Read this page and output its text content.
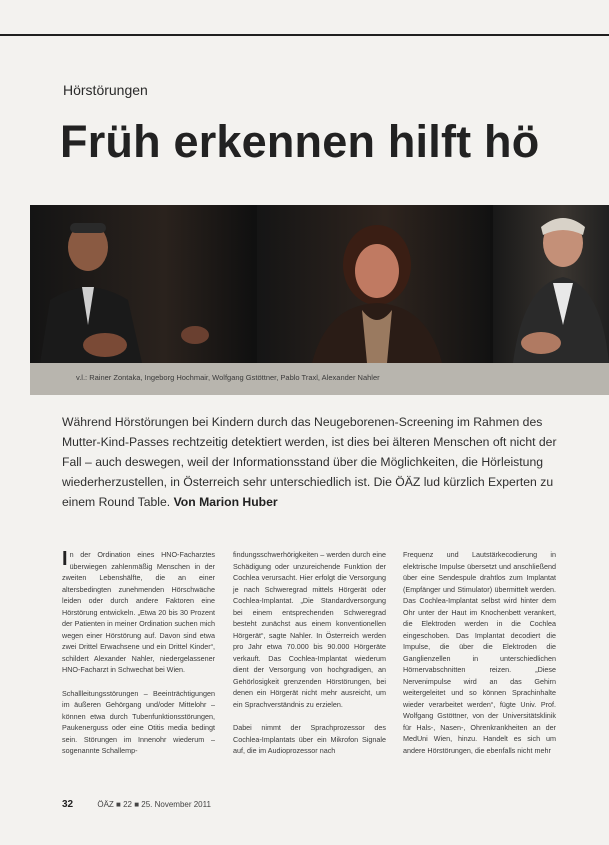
Hörstörungen
Früh erkennen hilft hö
v.l.: Rainer Zontaka, Ingeborg Hochmair, Wolfgang Gstöttner, Pablo Traxl, Alexander Nahler
Während Hörstörungen bei Kindern durch das Neugeborenen-Screening im Rahmen des Mutter-Kind-Passes rechtzeitig detektiert werden, ist dies bei älteren Menschen oft nicht der Fall – auch deswegen, weil der Informationsstand über die Möglichkeiten, die Hörleistung wiederherzustellen, in Österreich sehr unterschiedlich ist. Die ÖÄZ lud kürzlich Experten zu einem Round Table. Von Marion Huber

In der Ordination eines HNO-Facharztes überwiegen zahlenmäßig Menschen in der zweiten Lebenshälfte, die an einer altersbedingten zunehmenden Hörschwäche leiden oder durch andere Faktoren eine Hörstörung entwickeln. „Etwa 20 bis 30 Prozent der Patienten in meiner Ordination suchen mich wegen einer Hörstörung auf. Davon sind etwa zwei Drittel Erwachsene und ein Drittel Kinder“, schildert Alexander Nahler, niedergelassener HNO-Facharzt in Schwechat bei Wien.

Schallleitungsstörungen – Beeinträchtigungen im äußeren Gehörgang und/oder Mittelohr – können etwa durch Tubenfunktionsstörungen, Paukenerguss oder eine Otitis media bedingt sein. Störungen im Innenohr wiederum – sogenannte Schallemp-

findungsschwerhörigkeiten – werden durch eine Schädigung oder unzureichende Funktion der Cochlea verursacht. Hier erfolgt die Versorgung je nach Schweregrad mittels Hörgerät oder Cochlea-Implantat. „Die Standardversorgung bei einem entsprechenden Schweregrad besteht zunächst aus einem konventionellen Hörgerät“, sagte Nahler. In Österreich werden pro Jahr etwa 70.000 bis 90.000 Hörgeräte verkauft. Das Cochlea-Implantat wiederum dient der Versorgung von hochgradigen, an Gehörlosigkeit grenzenden Hörstörungen, bei denen ein Hörgerät nicht mehr ausreicht, um ein Sprachverständnis zu erzielen.

Dabei nimmt der Sprachprozessor des Cochlea-Implantats über ein Mikrofon Signale auf, die im Audioprozessor nach

Frequenz und Lautstärkecodierung in elektrische Impulse übersetzt und anschließend über eine Sendespule drahtlos zum Implantat (Empfänger und Stimulator) übermittelt werden. Das Cochlea-Implantat selbst wird hinter dem Ohr unter der Haut im Knochenbett verankert, die Elektroden werden in die Cochlea eingeschoben. Das Implantat decodiert die Impulse, die über die Elektroden die Ganglienzellen in unterschiedlichen Hörnervabschnitten reizen. „Diese Nervenimpulse wird an das Gehirn weitergeleitet und so können Sprachinhalte wieder verarbeitet werden“, fügte Univ. Prof. Wolfgang Gstöttner, von der Universitätsklinik für Hals-, Nasen-, Ohrenkrankheiten an der MedUni Wien, hinzu. Handelt es sich um andere Hörstörungen, die ebenfalls nicht mehr

32	ÖÄZ ■ 22 ■ 25. November 2011
